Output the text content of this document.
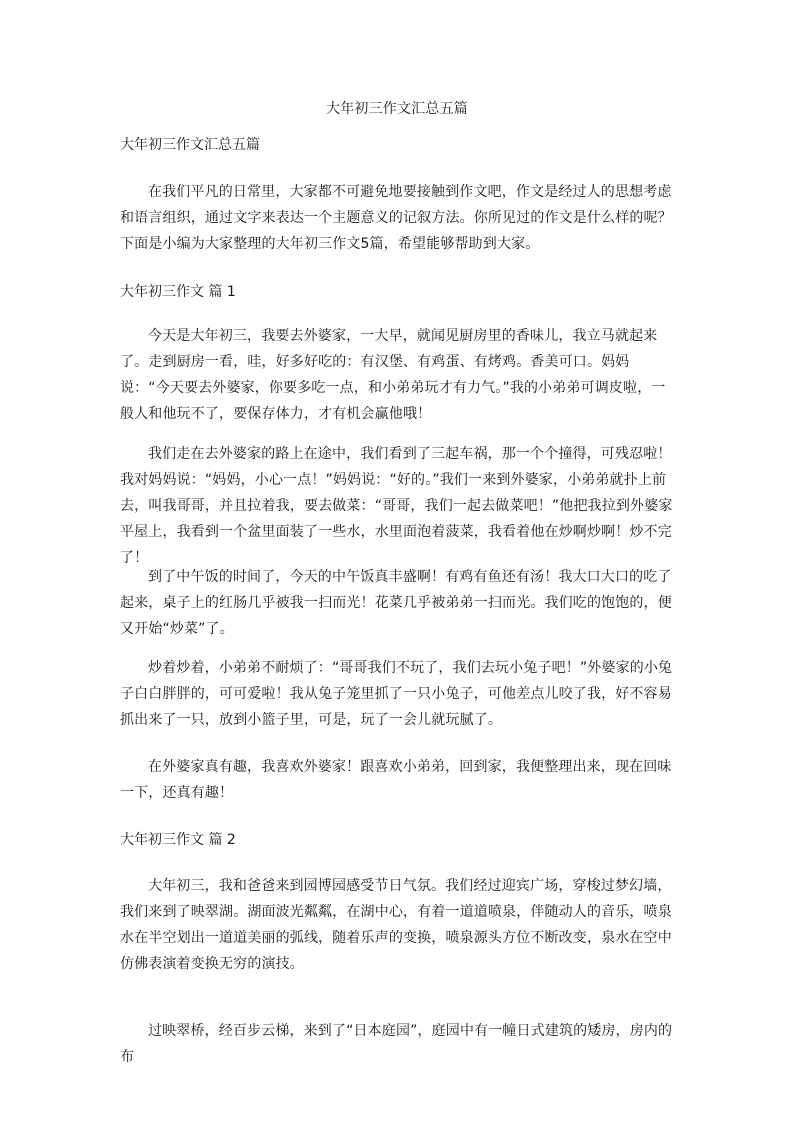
大年初三作文汇总五篇
大年初三作文汇总五篇
在我们平凡的日常里，大家都不可避免地要接触到作文吧，作文是经过人的思想考虑和语言组织，通过文字来表达一个主题意义的记叙方法。你所见过的作文是什么样的呢？下面是小编为大家整理的大年初三作文5篇，希望能够帮助到大家。
大年初三作文 篇 1
今天是大年初三，我要去外婆家，一大早，就闻见厨房里的香味儿，我立马就起来了。走到厨房一看，哇，好多好吃的：有汉堡、有鸡蛋、有烤鸡。香美可口。妈妈说：“今天要去外婆家，你要多吃一点，和小弟弟玩才有力气。”我的小弟弟可调皮啦，一般人和他玩不了，要保存体力，才有机会赢他哦！
我们走在去外婆家的路上在途中，我们看到了三起车祸，那一个个撞得，可残忍啦！我对妈妈说：“妈妈，小心一点！”妈妈说：“好的。”我们一来到外婆家，小弟弟就扑上前去，叫我哥哥，并且拉着我，要去做菜：“哥哥，我们一起去做菜吧！”他把我拉到外婆家平屋上，我看到一个盆里面装了一些水，水里面泡着菠菜，我看着他在炒啊炒啊！炒不完了！
到了中午饭的时间了，今天的中午饭真丰盛啊！有鸡有鱼还有汤！我大口大口的吃了起来，桌子上的红肠几乎被我一扫而光！花菜几乎被弟弟一扫而光。我们吃的饱饱的，便又开始“炒菜”了。
炒着炒着，小弟弟不耐烦了：“哥哥我们不玩了，我们去玩小兔子吧！”外婆家的小兔子白白胖胖的，可可爱啦！我从兔子笼里抓了一只小兔子，可他差点儿咬了我，好不容易抓出来了一只，放到小篮子里，可是，玩了一会儿就玩腻了。
在外婆家真有趣，我喜欢外婆家！跟喜欢小弟弟，回到家，我便整理出来，现在回味一下，还真有趣！
大年初三作文 篇 2
大年初三，我和爸爸来到园博园感受节日气氛。我们经过迎宾广场，穿梭过梦幻墙，我们来到了映翠湖。湖面波光粼粼，在湖中心，有着一道道喷泉，伴随动人的音乐，喷泉水在半空划出一道道美丽的弧线，随着乐声的变换，喷泉源头方位不断改变，泉水在空中仿佛表演着变换无穷的演技。
过映翠桥，经百步云梯，来到了“日本庭园”，庭园中有一幢日式建筑的矮房，房内的布
